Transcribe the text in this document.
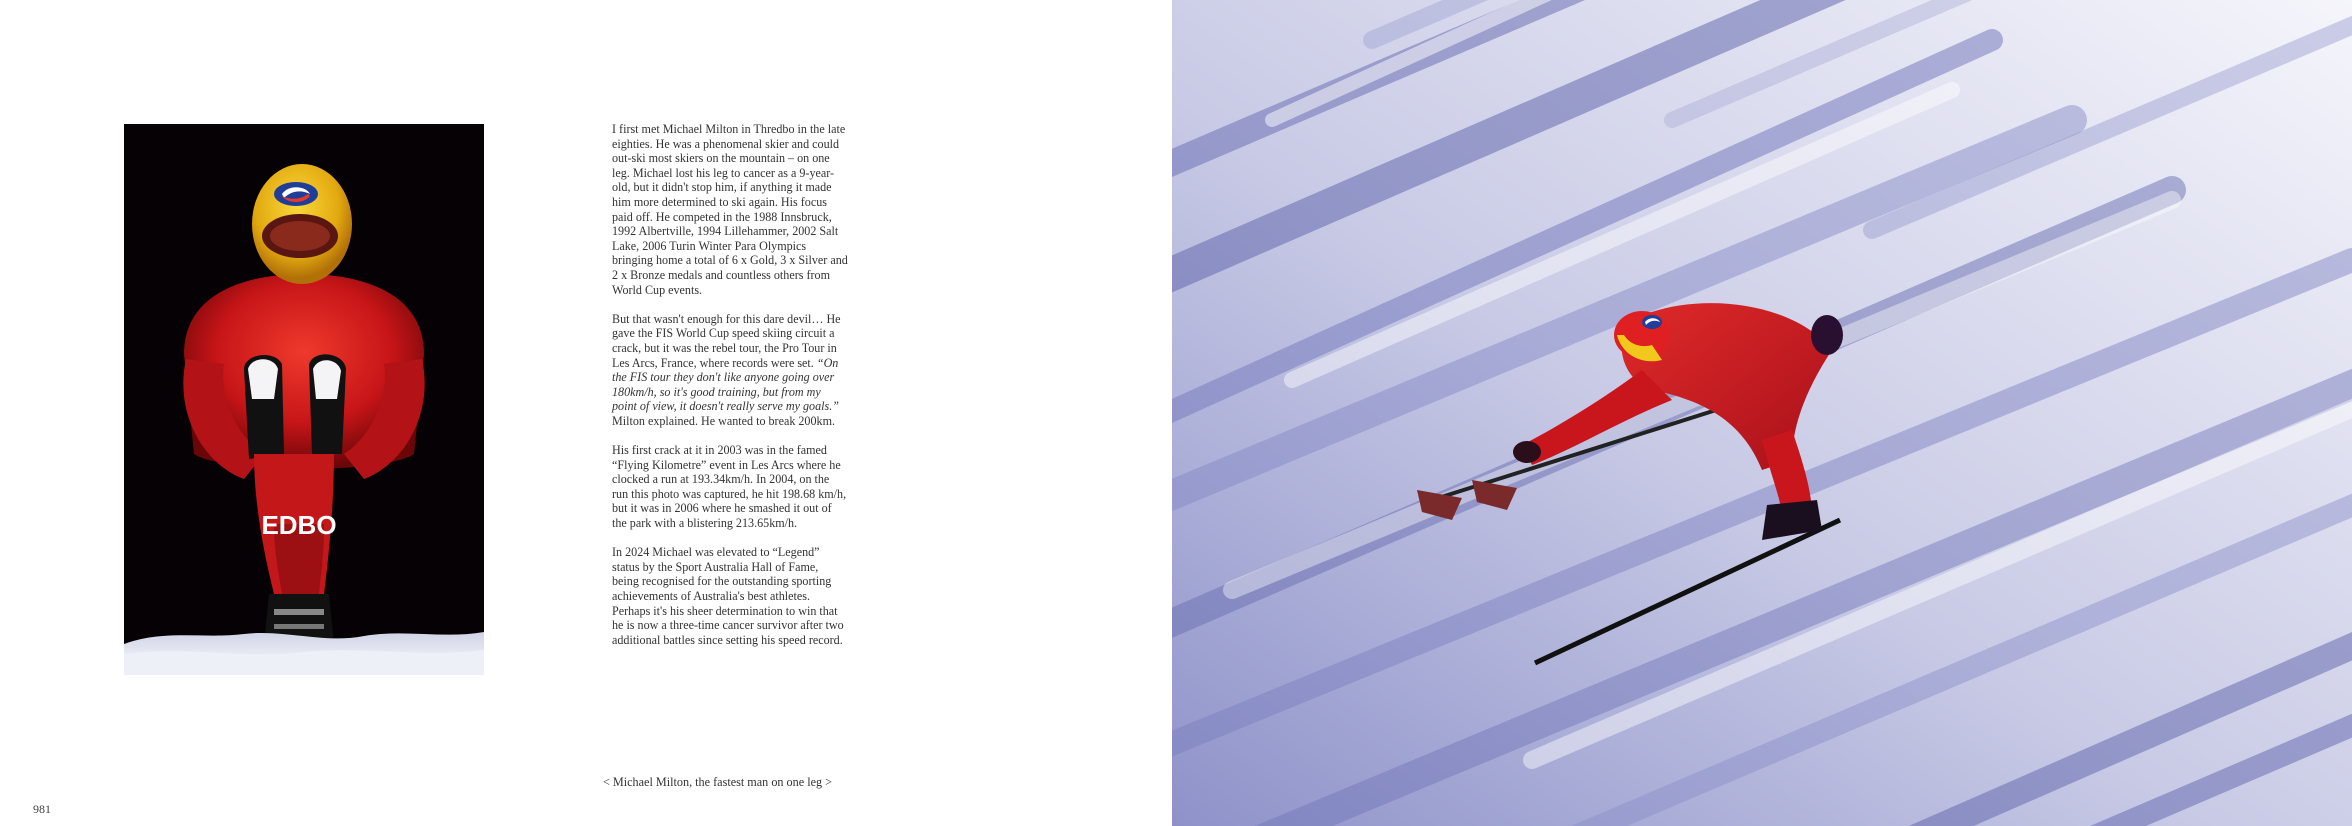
EDBO

I first met Michael Milton in Thredbo in the late eighties. He was a phenomenal skier and could out-ski most skiers on the mountain – on one leg. Michael lost his leg to cancer as a 9-year-old, but it didn't stop him, if anything it made him more determined to ski again. His focus paid off. He competed in the 1988 Innsbruck, 1992 Albertville, 1994 Lillehammer, 2002 Salt Lake, 2006 Turin Winter Para Olympics bringing home a total of 6 x Gold, 3 x Silver and 2 x Bronze medals and countless others from World Cup events.

But that wasn't enough for this dare devil… He gave the FIS World Cup speed skiing circuit a crack, but it was the rebel tour, the Pro Tour in Les Arcs, France, where records were set. “On the FIS tour they don't like anyone going over 180km/h, so it's good training, but from my point of view, it doesn't really serve my goals.” Milton explained. He wanted to break 200km.

His first crack at it in 2003 was in the famed “Flying Kilometre” event in Les Arcs where he clocked a run at 193.34km/h. In 2004, on the run this photo was captured, he hit 198.68 km/h, but it was in 2006 where he smashed it out of the park with a blistering 213.65km/h.

In 2024 Michael was elevated to “Legend” status by the Sport Australia Hall of Fame, being recognised for the outstanding sporting achievements of Australia's best athletes. Perhaps it's his sheer determination to win that he is now a three-time cancer survivor after two additional battles since setting his speed record.

< Michael Milton, the fastest man on one leg >
981
